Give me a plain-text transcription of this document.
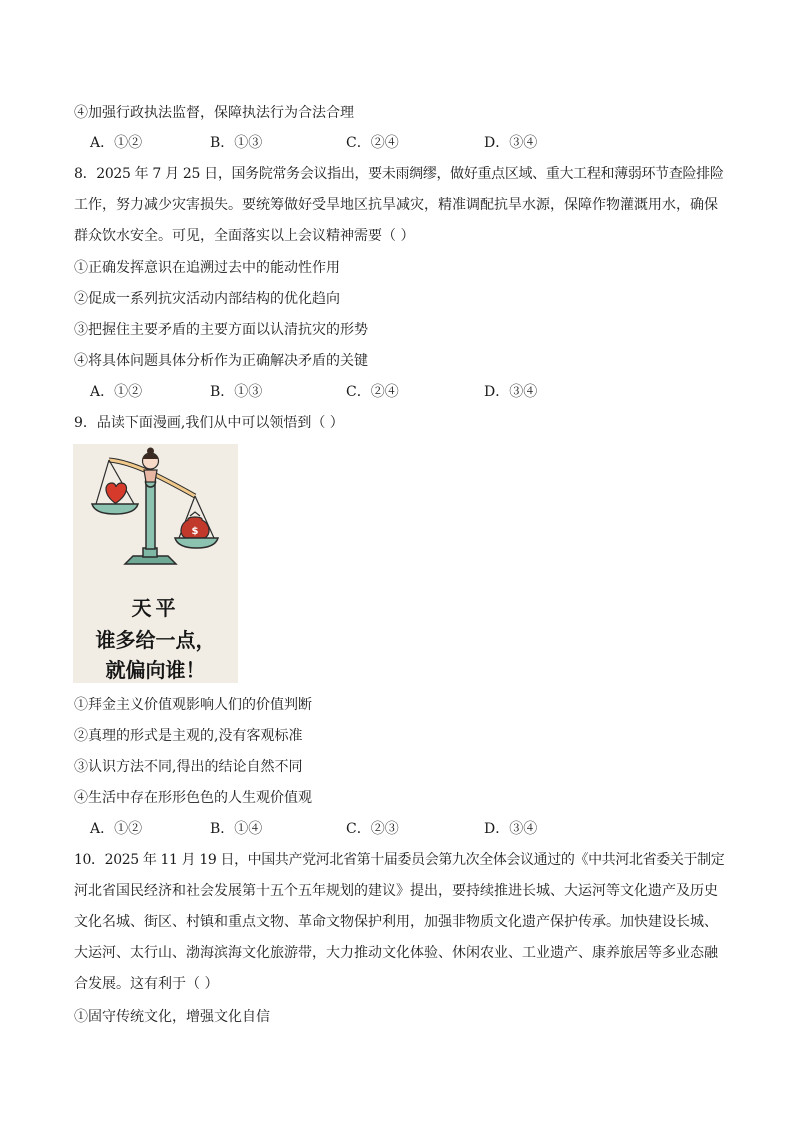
④加强行政执法监督，保障执法行为合法合理
A．①②	B．①③	C．②④	D．③④
8．2025 年 7 月 25 日，国务院常务会议指出，要未雨绸缪，做好重点区域、重大工程和薄弱环节查险排险
工作，努力减少灾害损失。要统筹做好受旱地区抗旱减灾，精准调配抗旱水源，保障作物灌溉用水，确保
群众饮水安全。可见，全面落实以上会议精神需要（ ）
①正确发挥意识在追溯过去中的能动性作用
②促成一系列抗灾活动内部结构的优化趋向
③把握住主要矛盾的主要方面以认清抗灾的形势
④将具体问题具体分析作为正确解决矛盾的关键
A．①②	B．①③	C．②④	D．③④
9．品读下面漫画,我们从中可以领悟到（ ）
$
天平
谁多给一点，
就偏向谁！
①拜金主义价值观影响人们的价值判断
②真理的形式是主观的,没有客观标准
③认识方法不同,得出的结论自然不同
④生活中存在形形色色的人生观价值观
A．①②	B．①④	C．②③	D．③④
10．2025 年 11 月 19 日，中国共产党河北省第十届委员会第九次全体会议通过的《中共河北省委关于制定
河北省国民经济和社会发展第十五个五年规划的建议》提出，要持续推进长城、大运河等文化遗产及历史
文化名城、街区、村镇和重点文物、革命文物保护利用，加强非物质文化遗产保护传承。加快建设长城、
大运河、太行山、渤海滨海文化旅游带，大力推动文化体验、休闲农业、工业遗产、康养旅居等多业态融
合发展。这有利于（ ）
①固守传统文化，增强文化自信
